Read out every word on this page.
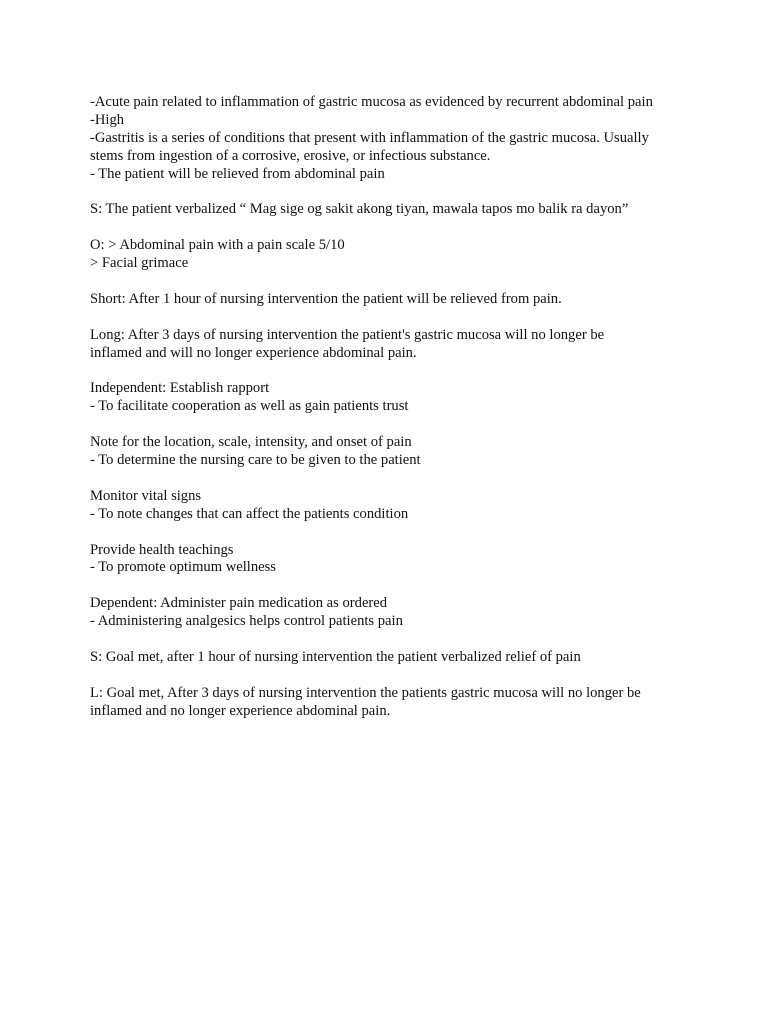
-Acute pain related to inflammation of gastric mucosa as evidenced by recurrent abdominal pain
-High
-Gastritis is a series of conditions that present with inflammation of the gastric mucosa. Usually
stems from ingestion of a corrosive, erosive, or infectious substance.
- The patient will be relieved from abdominal pain
S: The patient verbalized “ Mag sige og sakit akong tiyan, mawala tapos mo balik ra dayon”
O: > Abdominal pain with a pain scale 5/10
> Facial grimace
Short: After 1 hour of nursing intervention the patient will be relieved from pain.
Long: After 3 days of nursing intervention the patient's gastric mucosa will no longer be
inflamed and will no longer experience abdominal pain.
Independent: Establish rapport
- To facilitate cooperation as well as gain patients trust
Note for the location, scale, intensity, and onset of pain
- To determine the nursing care to be given to the patient
Monitor vital signs
- To note changes that can affect the patients condition
Provide health teachings
- To promote optimum wellness
Dependent: Administer pain medication as ordered
- Administering analgesics helps control patients pain
S: Goal met, after 1 hour of nursing intervention the patient verbalized relief of pain
L: Goal met, After 3 days of nursing intervention the patients gastric mucosa will no longer be
inflamed and no longer experience abdominal pain.
